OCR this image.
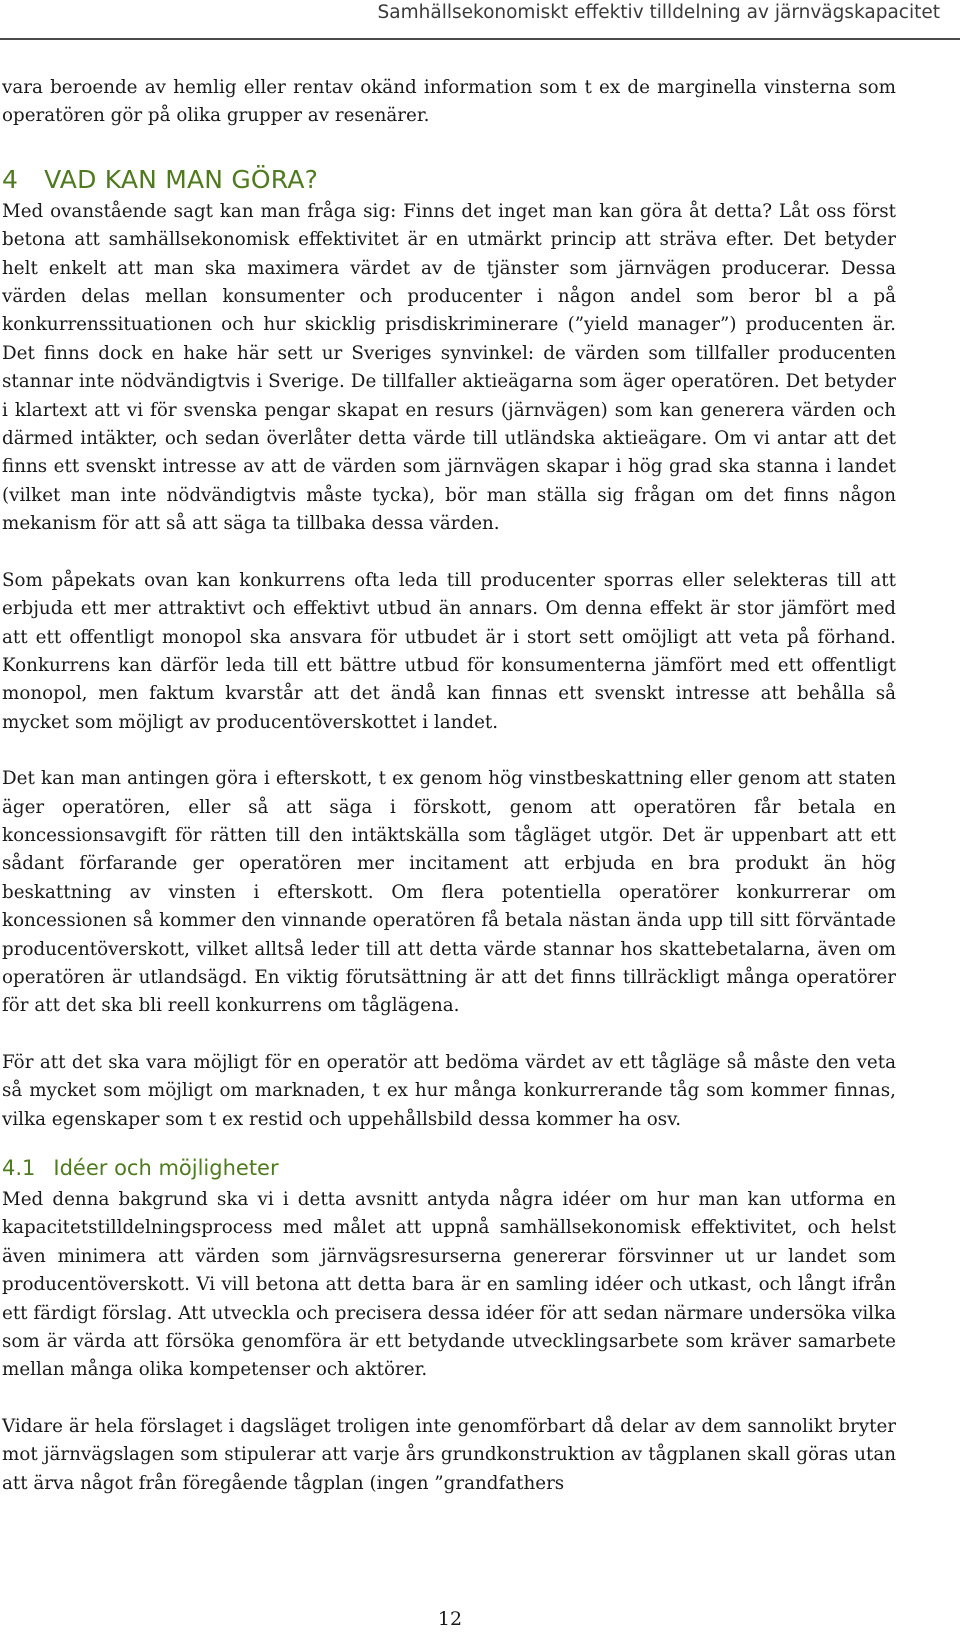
Samhällsekonomiskt effektiv tilldelning av järnvägskapacitet

vara beroende av hemlig eller rentav okänd information som t ex de marginella vinsterna som operatören gör på olika grupper av resenärer.

4 VAD KAN MAN GÖRA?

Med ovanstående sagt kan man fråga sig: Finns det inget man kan göra åt detta? Låt oss först betona att samhällsekonomisk effektivitet är en utmärkt princip att sträva efter. Det betyder helt enkelt att man ska maximera värdet av de tjänster som järnvägen producerar. Dessa värden delas mellan konsumenter och producenter i någon andel som beror bl a på konkurrenssituationen och hur skicklig prisdiskriminerare (”yield manager”) producenten är. Det finns dock en hake här sett ur Sveriges synvinkel: de värden som tillfaller producenten stannar inte nödvändigtvis i Sverige. De tillfaller aktieägarna som äger operatören. Det betyder i klartext att vi för svenska pengar skapat en resurs (järnvägen) som kan generera värden och därmed intäkter, och sedan överlåter detta värde till utländska aktieägare. Om vi antar att det finns ett svenskt intresse av att de värden som järnvägen skapar i hög grad ska stanna i landet (vilket man inte nödvändigtvis måste tycka), bör man ställa sig frågan om det finns någon mekanism för att så att säga ta tillbaka dessa värden.

Som påpekats ovan kan konkurrens ofta leda till producenter sporras eller selekteras till att erbjuda ett mer attraktivt och effektivt utbud än annars. Om denna effekt är stor jämfört med att ett offentligt monopol ska ansvara för utbudet är i stort sett omöjligt att veta på förhand. Konkurrens kan därför leda till ett bättre utbud för konsumenterna jämfört med ett offentligt monopol, men faktum kvarstår att det ändå kan finnas ett svenskt intresse att behålla så mycket som möjligt av producentöverskottet i landet.

Det kan man antingen göra i efterskott, t ex genom hög vinstbeskattning eller genom att staten äger operatören, eller så att säga i förskott, genom att operatören får betala en koncessionsavgift för rätten till den intäktskälla som tågläget utgör. Det är uppenbart att ett sådant förfarande ger operatören mer incitament att erbjuda en bra produkt än hög beskattning av vinsten i efterskott. Om flera potentiella operatörer konkurrerar om koncessionen så kommer den vinnande operatören få betala nästan ända upp till sitt förväntade producentöverskott, vilket alltså leder till att detta värde stannar hos skattebetalarna, även om operatören är utlandsägd. En viktig förutsättning är att det finns tillräckligt många operatörer för att det ska bli reell konkurrens om tåglägena.

För att det ska vara möjligt för en operatör att bedöma värdet av ett tågläge så måste den veta så mycket som möjligt om marknaden, t ex hur många konkurrerande tåg som kommer finnas, vilka egenskaper som t ex restid och uppehållsbild dessa kommer ha osv.

4.1 Idéer och möjligheter

Med denna bakgrund ska vi i detta avsnitt antyda några idéer om hur man kan utforma en kapacitetstilldelningsprocess med målet att uppnå samhällsekonomisk effektivitet, och helst även minimera att värden som järnvägsresurserna genererar försvinner ut ur landet som producentöverskott. Vi vill betona att detta bara är en samling idéer och utkast, och långt ifrån ett färdigt förslag. Att utveckla och precisera dessa idéer för att sedan närmare undersöka vilka som är värda att försöka genomföra är ett betydande utvecklingsarbete som kräver samarbete mellan många olika kompetenser och aktörer.

Vidare är hela förslaget i dagsläget troligen inte genomförbart då delar av dem sannolikt bryter mot järnvägslagen som stipulerar att varje års grundkonstruktion av tågplanen skall göras utan att ärva något från föregående tågplan (ingen ”grandfathers

12
